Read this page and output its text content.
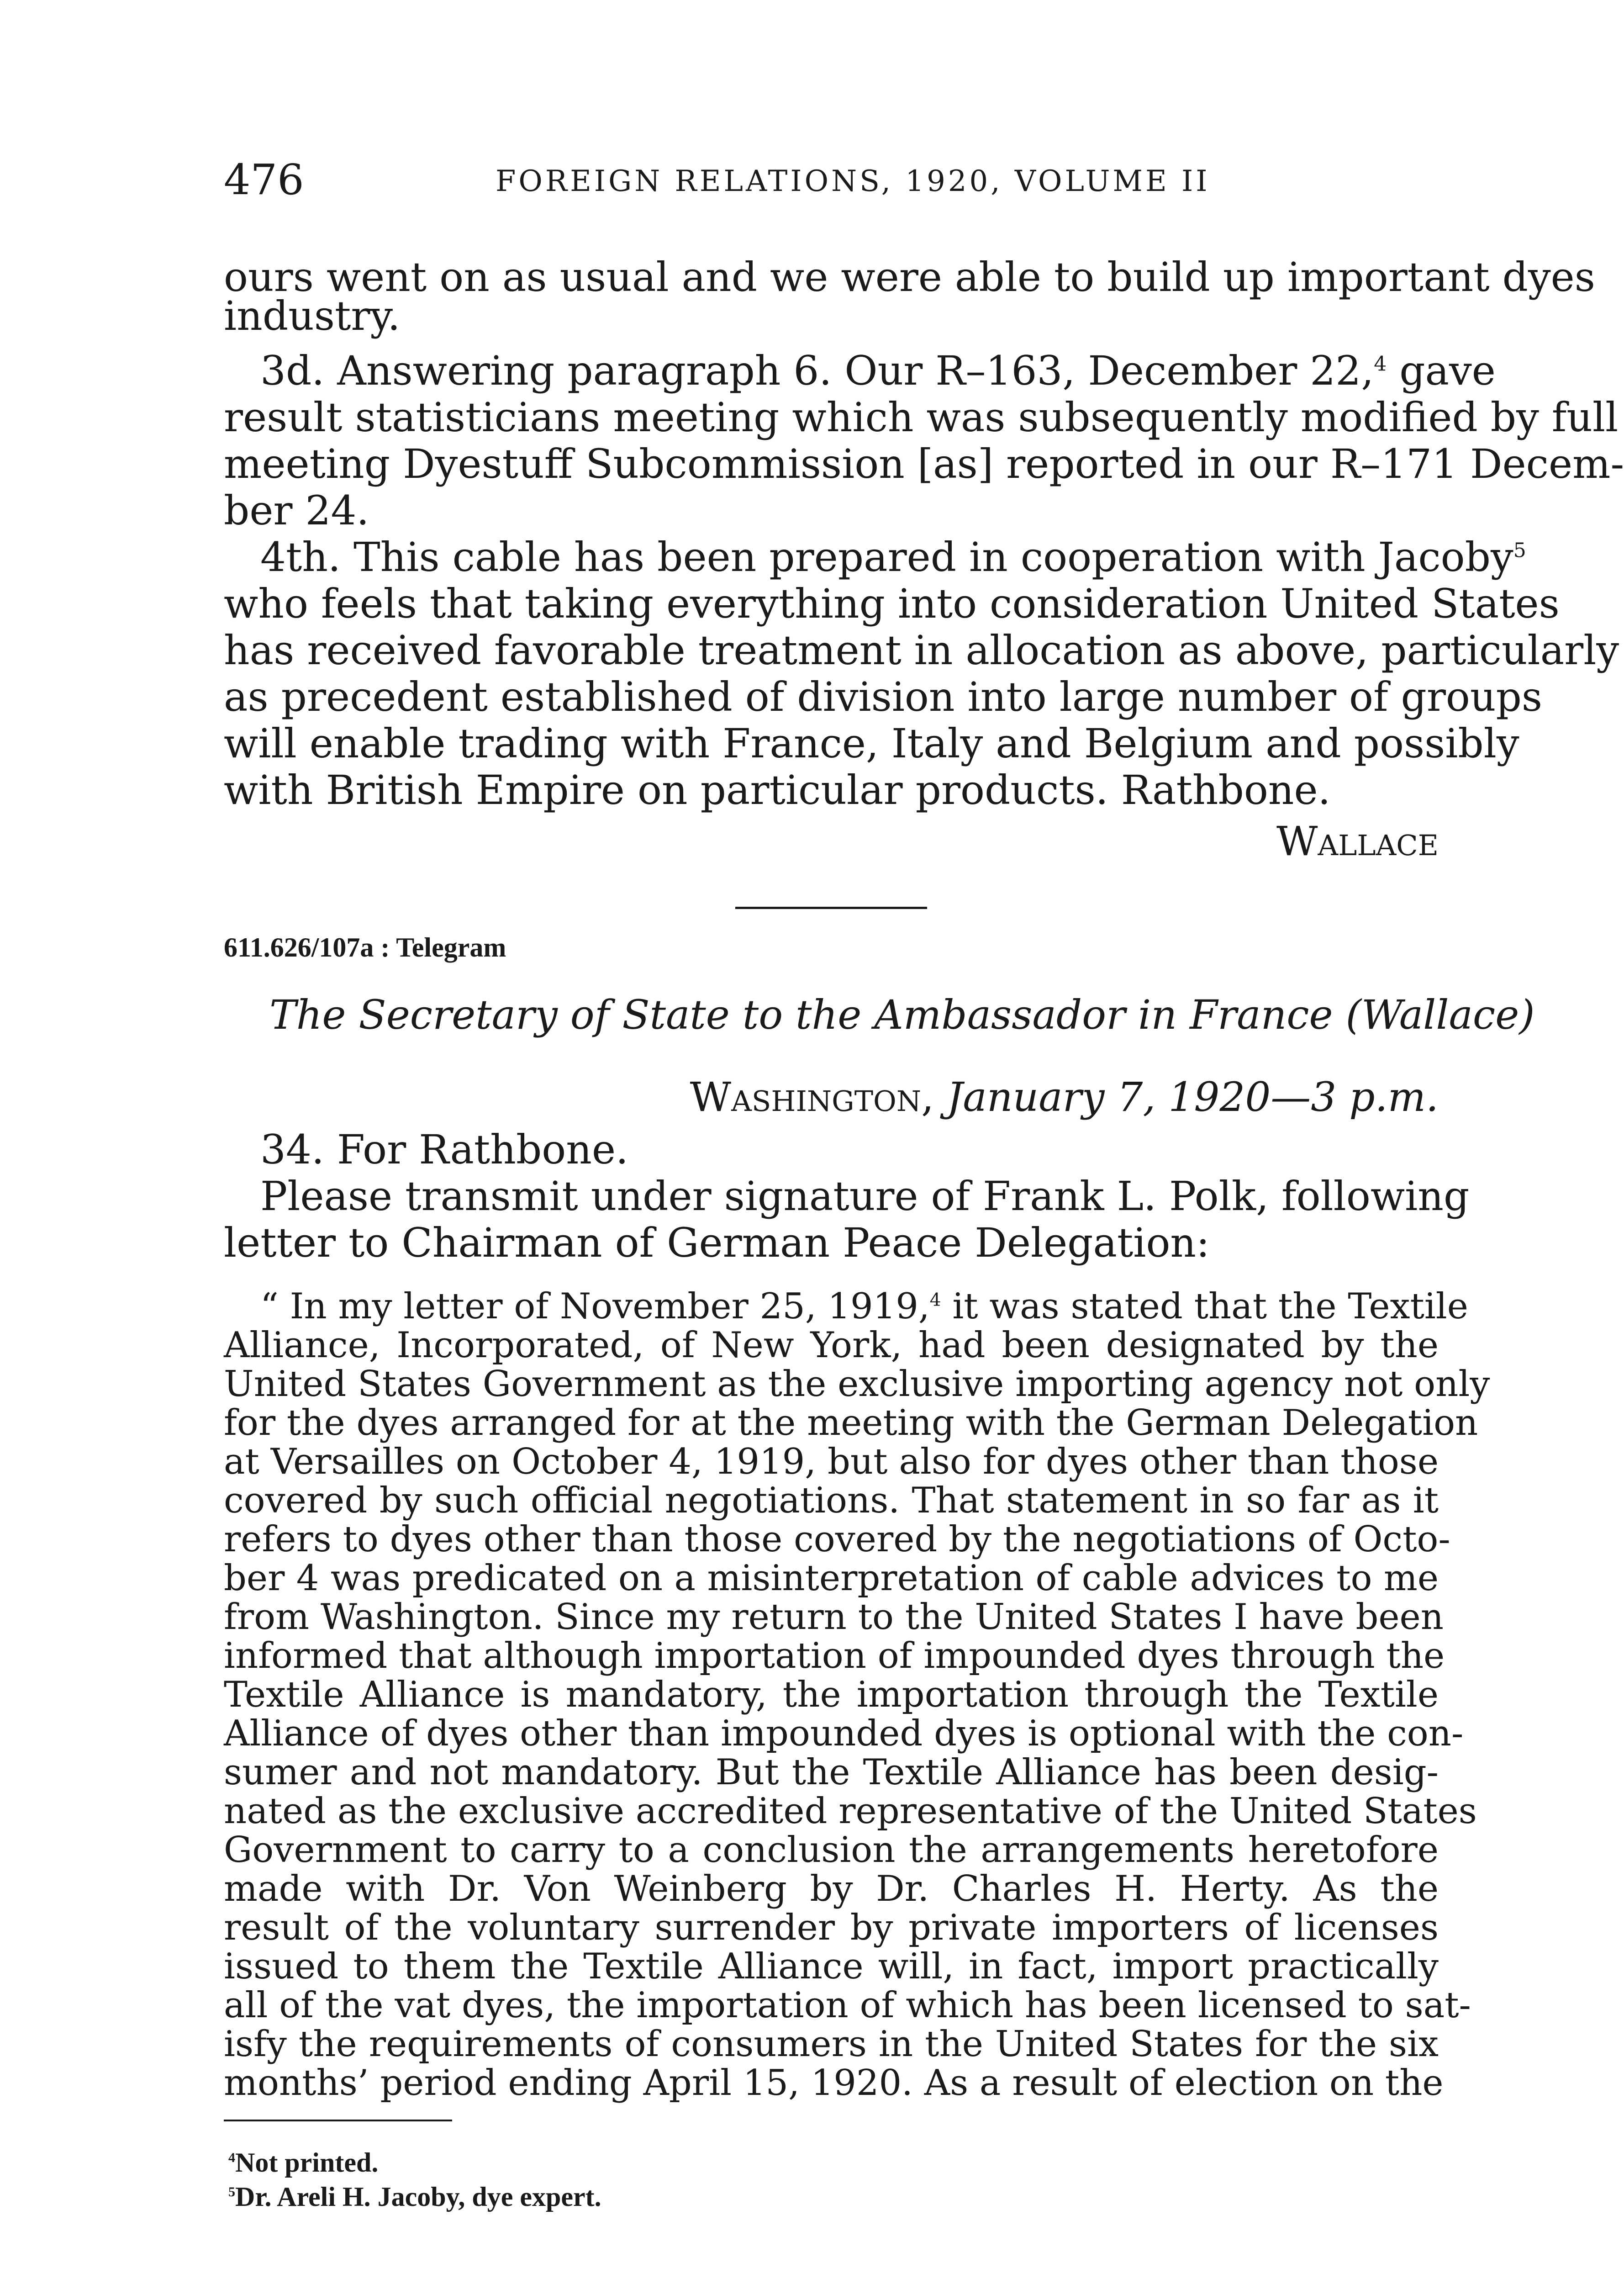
476	FOREIGN RELATIONS, 1920, VOLUME II
ours went on as usual and we were able to build up important dyes
industry.
3d. Answering paragraph 6. Our R–163, December 22,$^4$ gave
result statisticians meeting which was subsequently modified by full
meeting Dyestuff Subcommission [as] reported in our R–171 Decem-
ber 24.
4th. This cable has been prepared in cooperation with Jacoby$^5$
who feels that taking everything into consideration United States
has received favorable treatment in allocation as above, particularly
as precedent established of division into large number of groups
will enable trading with France, Italy and Belgium and possibly
with British Empire on particular products. Rathbone.
Wallace
611.626/107a : Telegram
The Secretary of State to the Ambassador in France (Wallace)
Washington, January 7, 1920—3 p.m.
34. For Rathbone.
Please transmit under signature of Frank L. Polk, following
letter to Chairman of German Peace Delegation:
“ In my letter of November 25, 1919,$^4$ it was stated that the Textile
Alliance, Incorporated, of New York, had been designated by the
United States Government as the exclusive importing agency not only
for the dyes arranged for at the meeting with the German Delegation
at Versailles on October 4, 1919, but also for dyes other than those
covered by such official negotiations. That statement in so far as it
refers to dyes other than those covered by the negotiations of Octo-
ber 4 was predicated on a misinterpretation of cable advices to me
from Washington. Since my return to the United States I have been
informed that although importation of impounded dyes through the
Textile Alliance is mandatory, the importation through the Textile
Alliance of dyes other than impounded dyes is optional with the con-
sumer and not mandatory. But the Textile Alliance has been desig-
nated as the exclusive accredited representative of the United States
Government to carry to a conclusion the arrangements heretofore
made with Dr. Von Weinberg by Dr. Charles H. Herty. As the
result of the voluntary surrender by private importers of licenses
issued to them the Textile Alliance will, in fact, import practically
all of the vat dyes, the importation of which has been licensed to sat-
isfy the requirements of consumers in the United States for the six
months’ period ending April 15, 1920. As a result of election on the
$^4$Not printed.
$^5$Dr. Areli H. Jacoby, dye expert.
